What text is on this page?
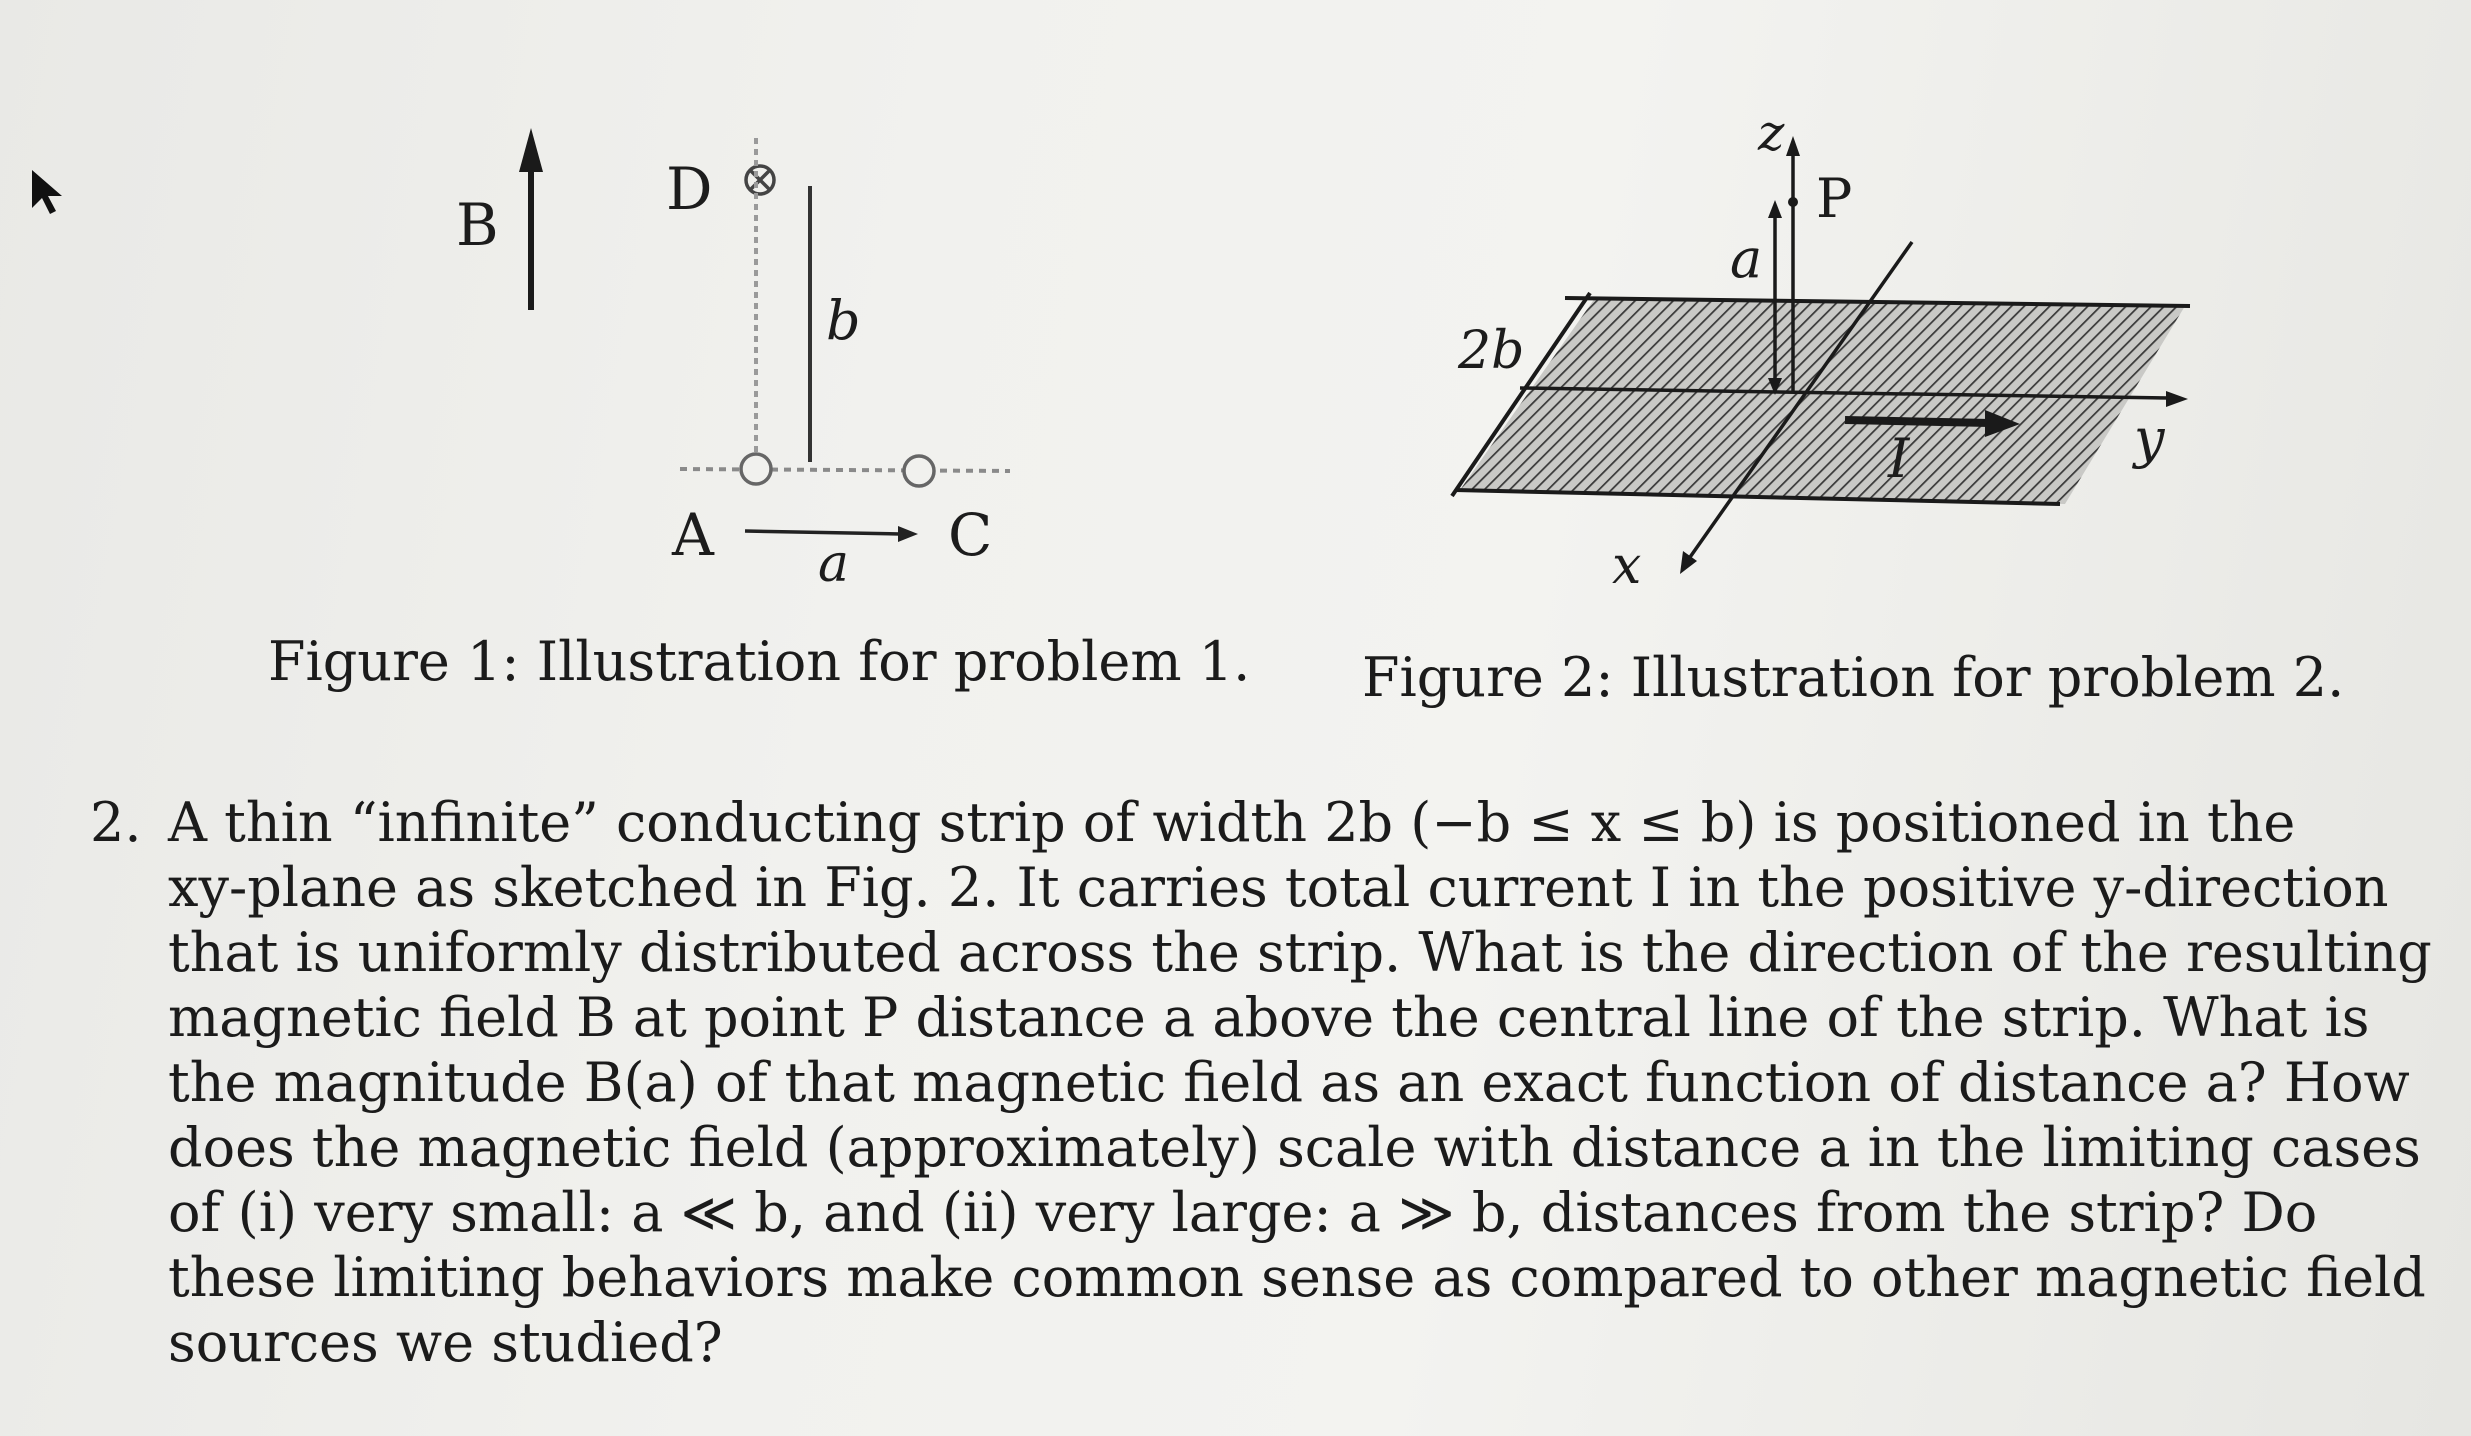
B
D
b
A a C
z
P
a
2b
I	y
x
Figure 1: Illustration for problem 1. Figure 2: Illustration for problem 2.
2. A thin “infinite” conducting strip of width 2b (−b ≤ x ≤ b) is positioned in the
xy-plane as sketched in Fig. 2. It carries total current I in the positive y-direction
that is uniformly distributed across the strip. What is the direction of the resulting
magnetic field B at point P distance a above the central line of the strip. What is
the magnitude B(a) of that magnetic field as an exact function of distance a? How
does the magnetic field (approximately) scale with distance a in the limiting cases
of (i) very small: a ≪ b, and (ii) very large: a ≫ b, distances from the strip? Do
these limiting behaviors make common sense as compared to other magnetic field
sources we studied?
